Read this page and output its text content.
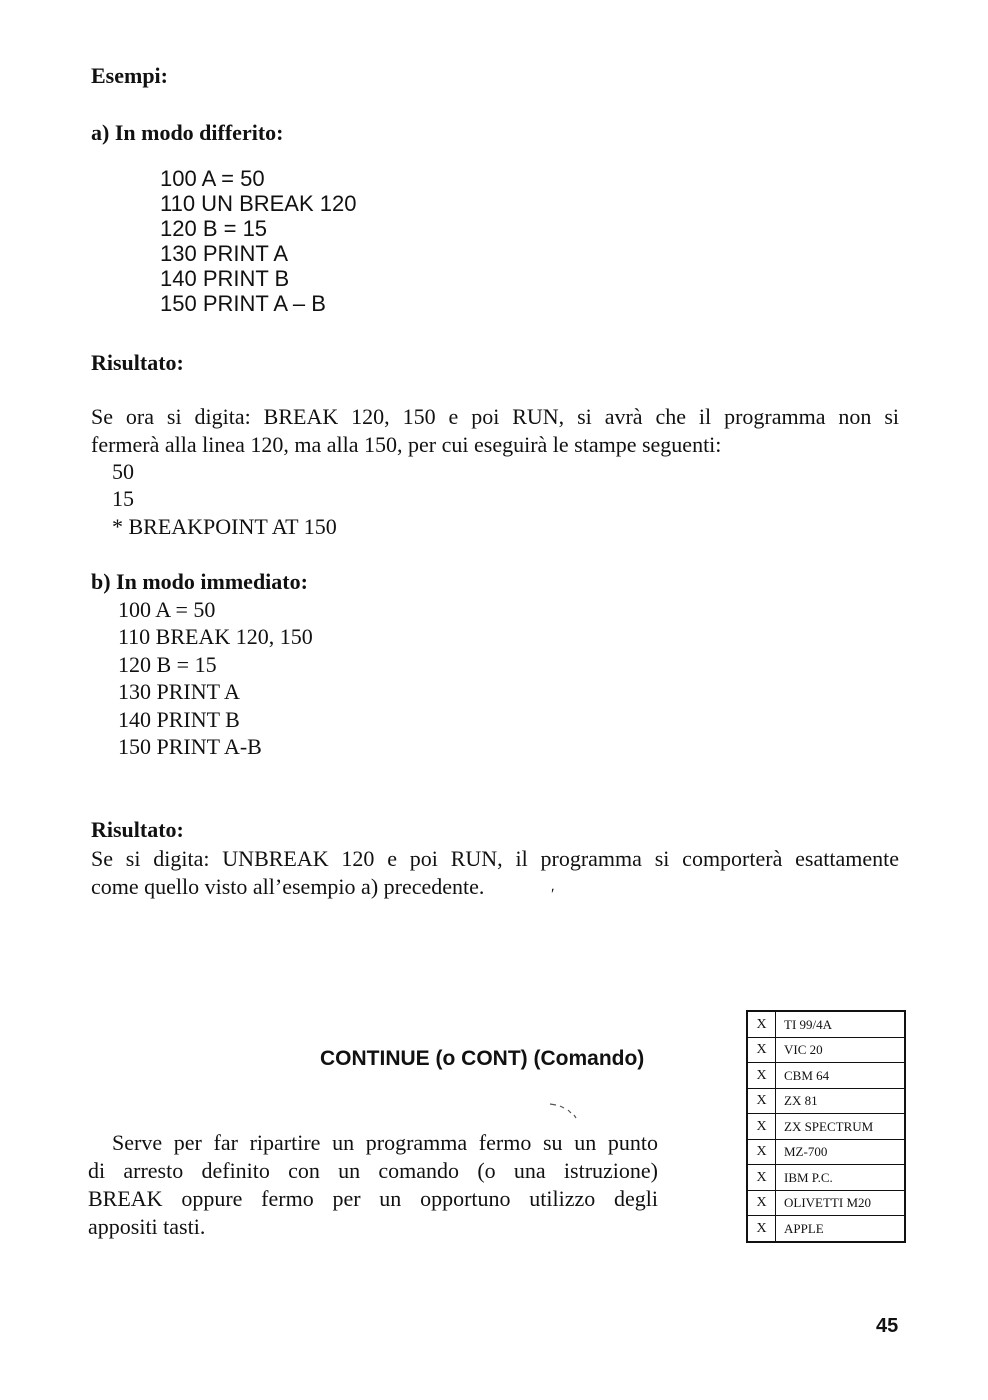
Esempi:
a) In modo differito:
100 A = 50
110 UN BREAK 120
120 B = 15
130 PRINT A
140 PRINT B
150 PRINT A – B
Risultato:
Se ora si digita: BREAK 120, 150 e poi RUN, si avrà che il programma non si
fermerà alla linea 120, ma alla 150, per cui eseguirà le stampe seguenti:
50
15
* BREAKPOINT AT 150
b) In modo immediato:
100 A = 50
110 BREAK 120, 150
120 B = 15
130 PRINT A
140 PRINT B
150 PRINT A-B
Risultato:
Se si digita: UNBREAK 120 e poi RUN, il programma si comporterà esattamente
come quello visto all’esempio a) precedente.	ʹ
CONTINUE (o CONT) (Comando)
Serve per far ripartire un programma fermo su un punto
di arresto definito con un comando (o una istruzione)
BREAK oppure fermo per un opportuno utilizzo degli
appositi tasti.
X	TI 99/4A
X	VIC 20
X	CBM 64
X	ZX 81
X	ZX SPECTRUM
X	MZ-700
X	IBM P.C.
X	OLIVETTI M20
X	APPLE
45
